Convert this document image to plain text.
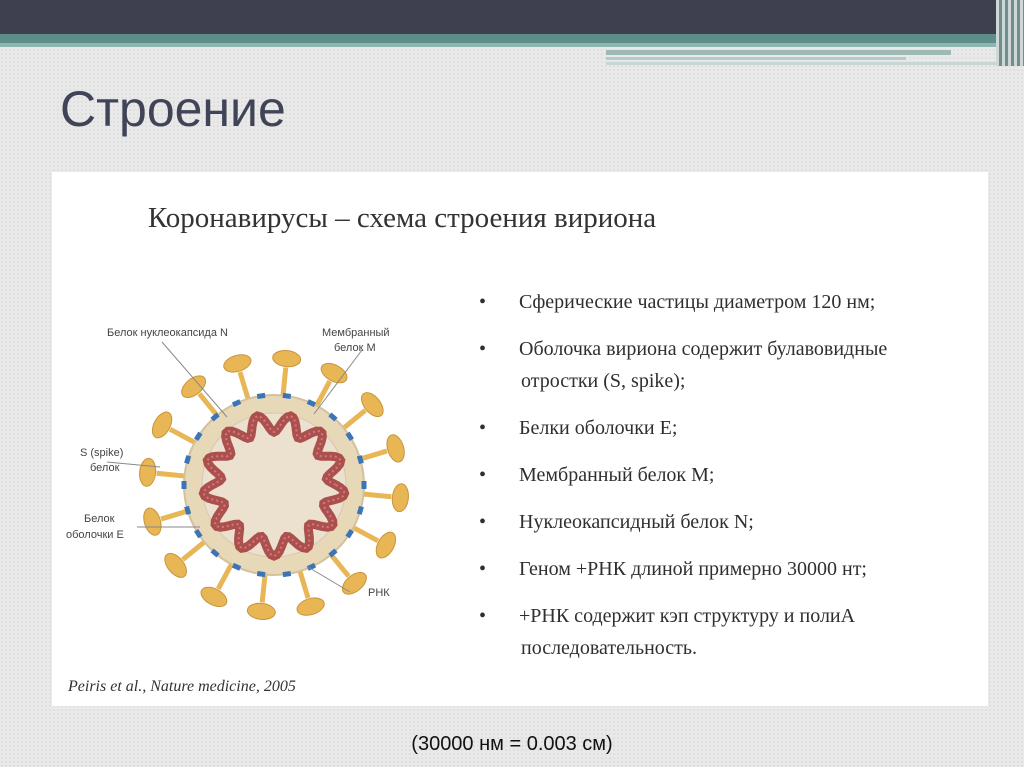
Строение
Коронавирусы – схема строения вириона
Белок нуклеокапсида N	Мембранный
белок М
S (spike)
белок
Белок
оболочки E
РНК
• Сферические частицы диаметром 120 нм;
• Оболочка вириона содержит булавовидные
отростки (S, spike);
• Белки оболочки Е;
• Мембранный белок М;
• Нуклеокапсидный белок N;
• Геном +РНК длиной примерно 30000 нт;
• +РНК содержит кэп структуру и полиА
последовательность.

Peiris et al., Nature medicine, 2005

(30000 нм = 0.003 см)
